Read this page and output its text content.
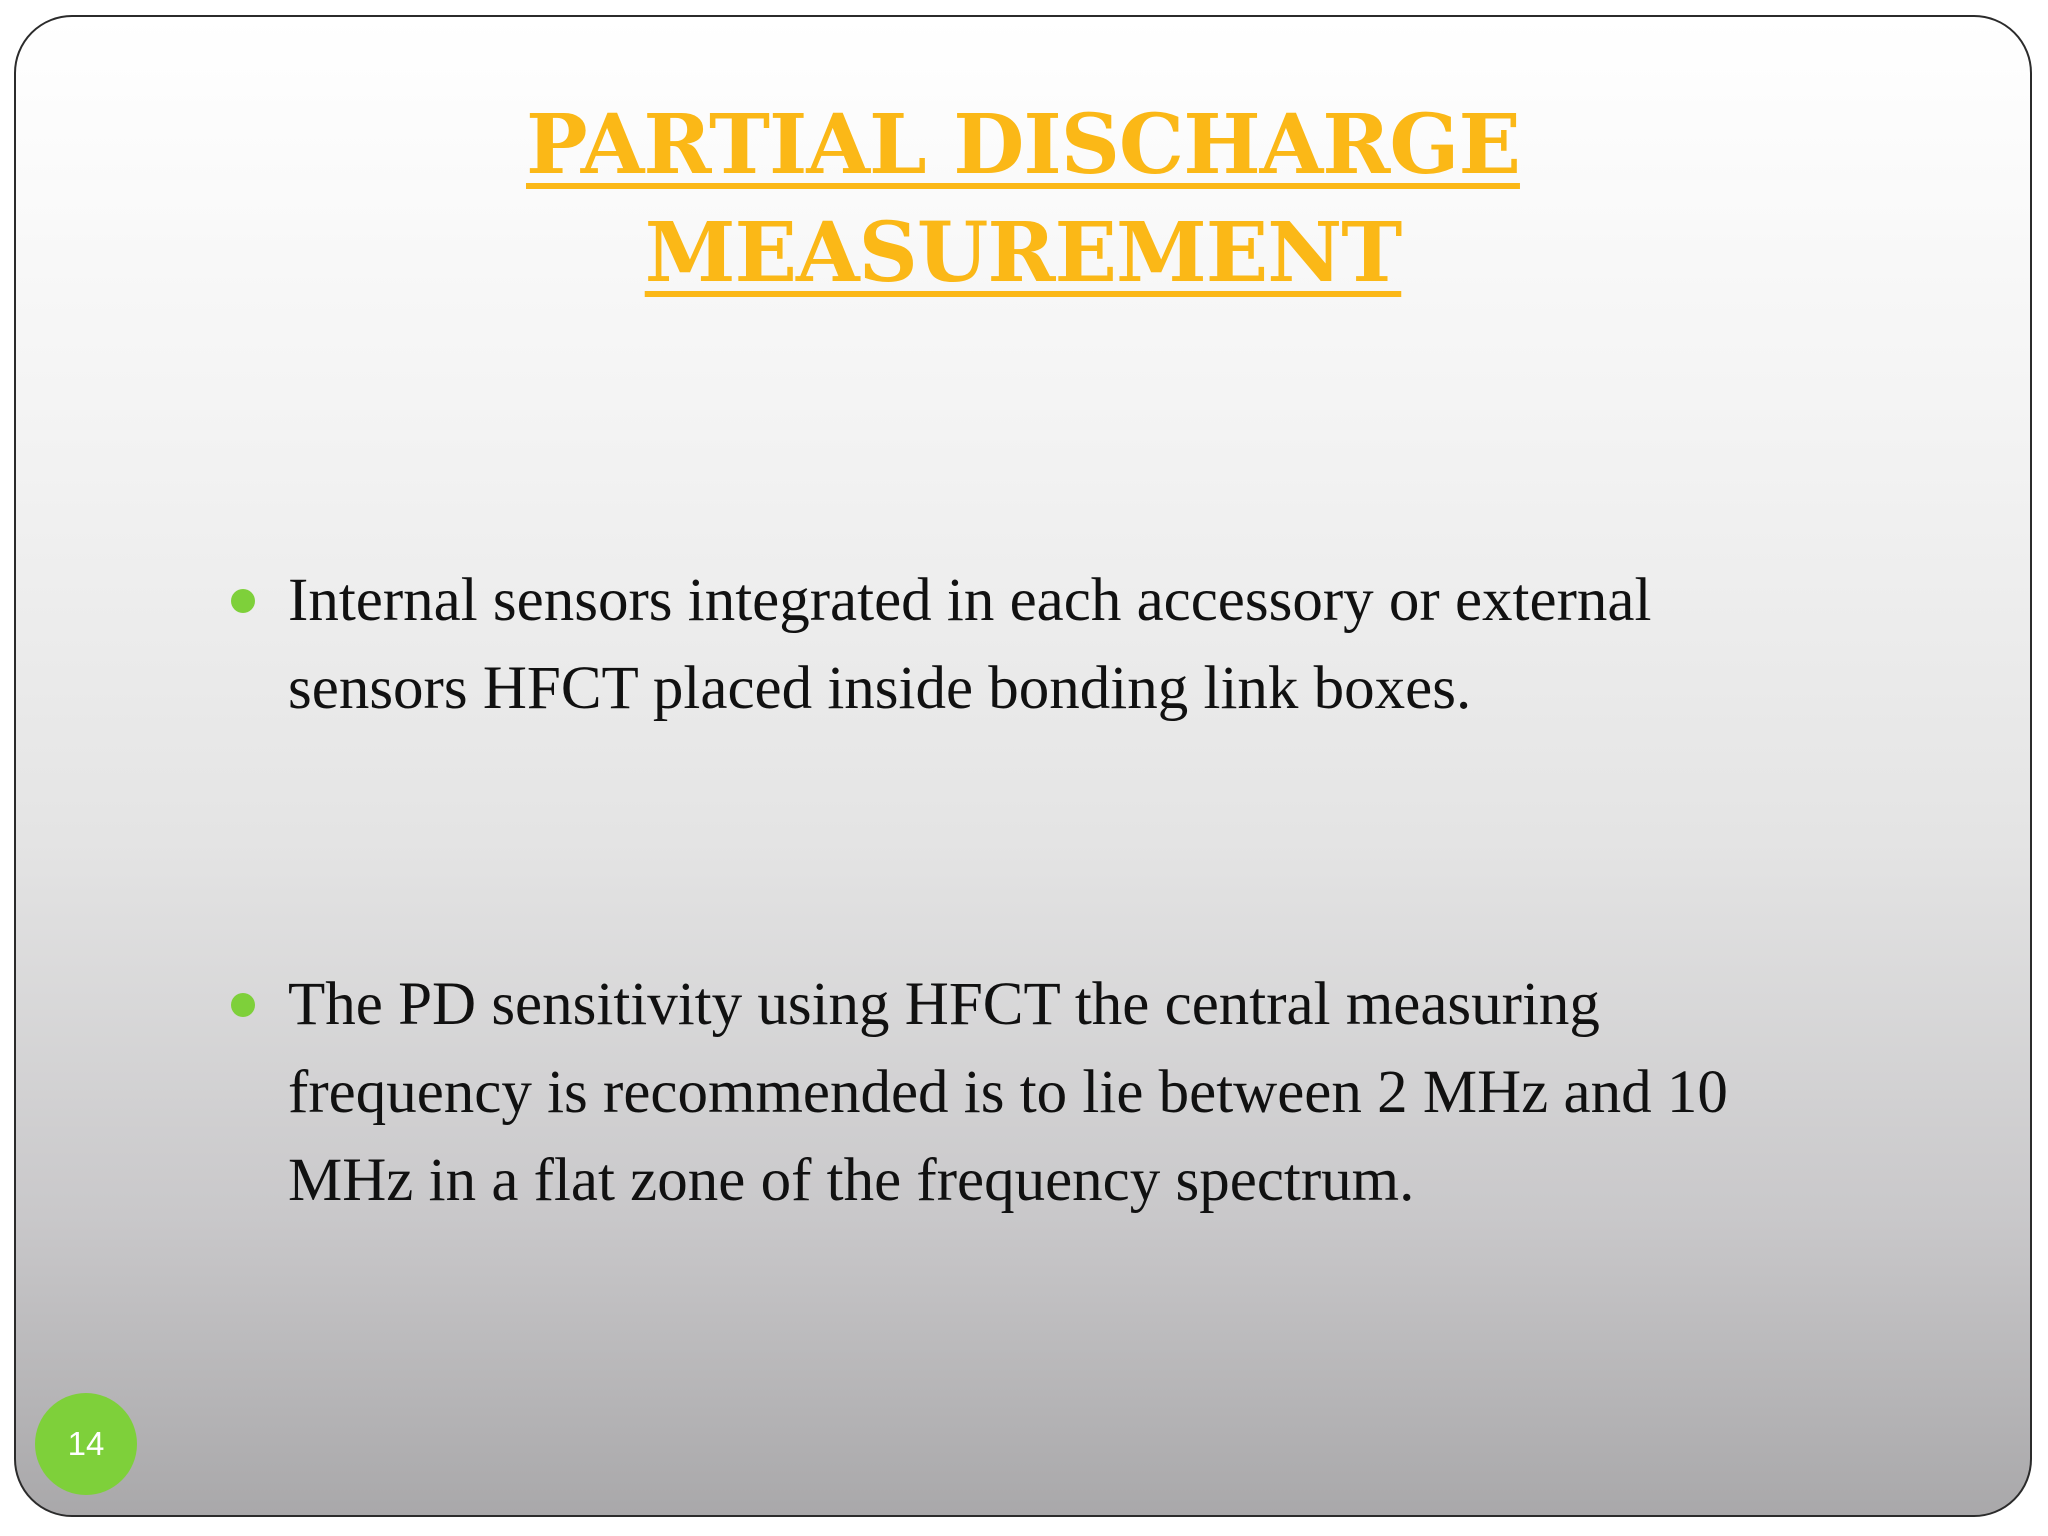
PARTIAL DISCHARGE
MEASUREMENT
Internal sensors integrated in each accessory or external
sensors HFCT placed inside bonding link boxes.
The PD sensitivity using HFCT the central measuring
frequency is recommended is to lie between 2 MHz and 10
MHz in a flat zone of the frequency spectrum.
14
